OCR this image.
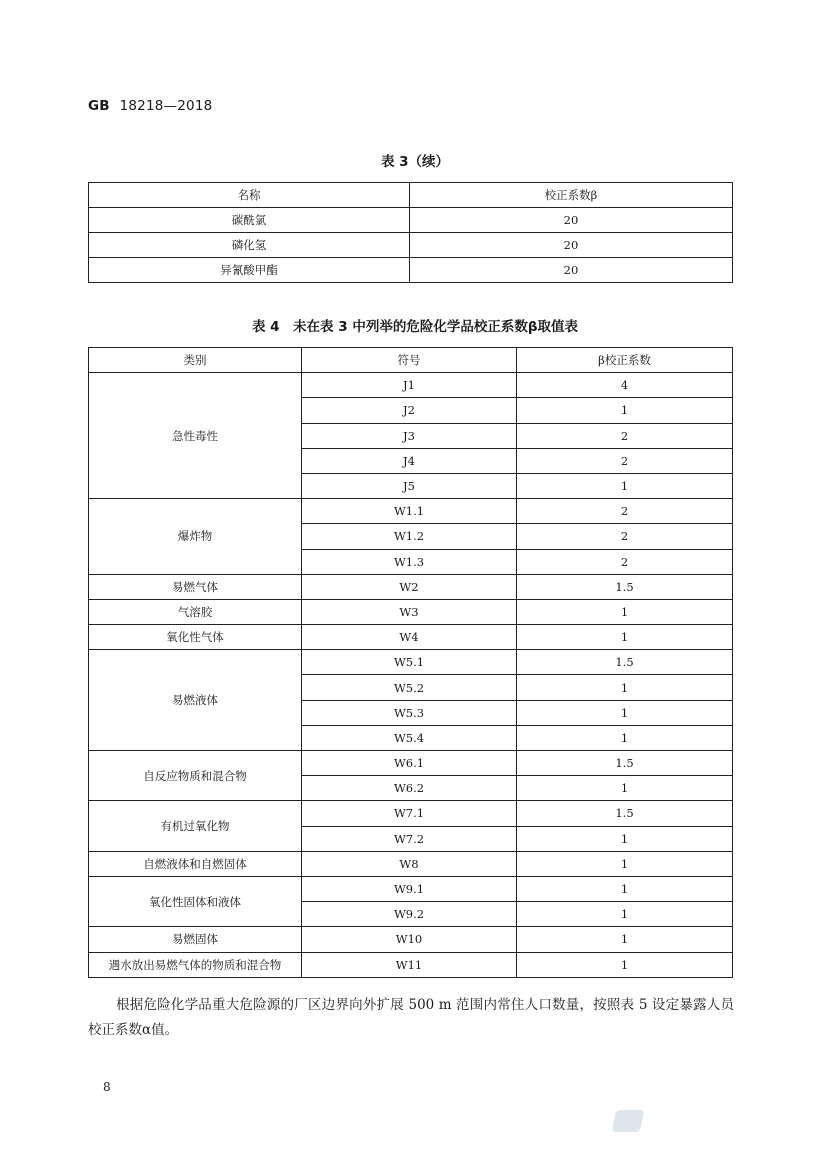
GB 18218—2018
表 3（续）
名称	校正系数β
碳酰氯	20
磷化氢	20
异氰酸甲酯	20
表 4　未在表 3 中列举的危险化学品校正系数β取值表
类别	符号	β校正系数
急性毒性	J1	4
	J2	1
	J3	2
	J4	2
	J5	1
爆炸物	W1.1	2
	W1.2	2
	W1.3	2
易燃气体	W2	1.5
气溶胶	W3	1
氧化性气体	W4	1
易燃液体	W5.1	1.5
	W5.2	1
	W5.3	1
	W5.4	1
自反应物质和混合物	W6.1	1.5
	W6.2	1
有机过氧化物	W7.1	1.5
	W7.2	1
自燃液体和自燃固体	W8	1
氧化性固体和液体	W9.1	1
	W9.2	1
易燃固体	W10	1
遇水放出易燃气体的物质和混合物	W11	1
根据危险化学品重大危险源的厂区边界向外扩展 500 m 范围内常住人口数量，按照表 5 设定暴露人员校正系数α值。
8
